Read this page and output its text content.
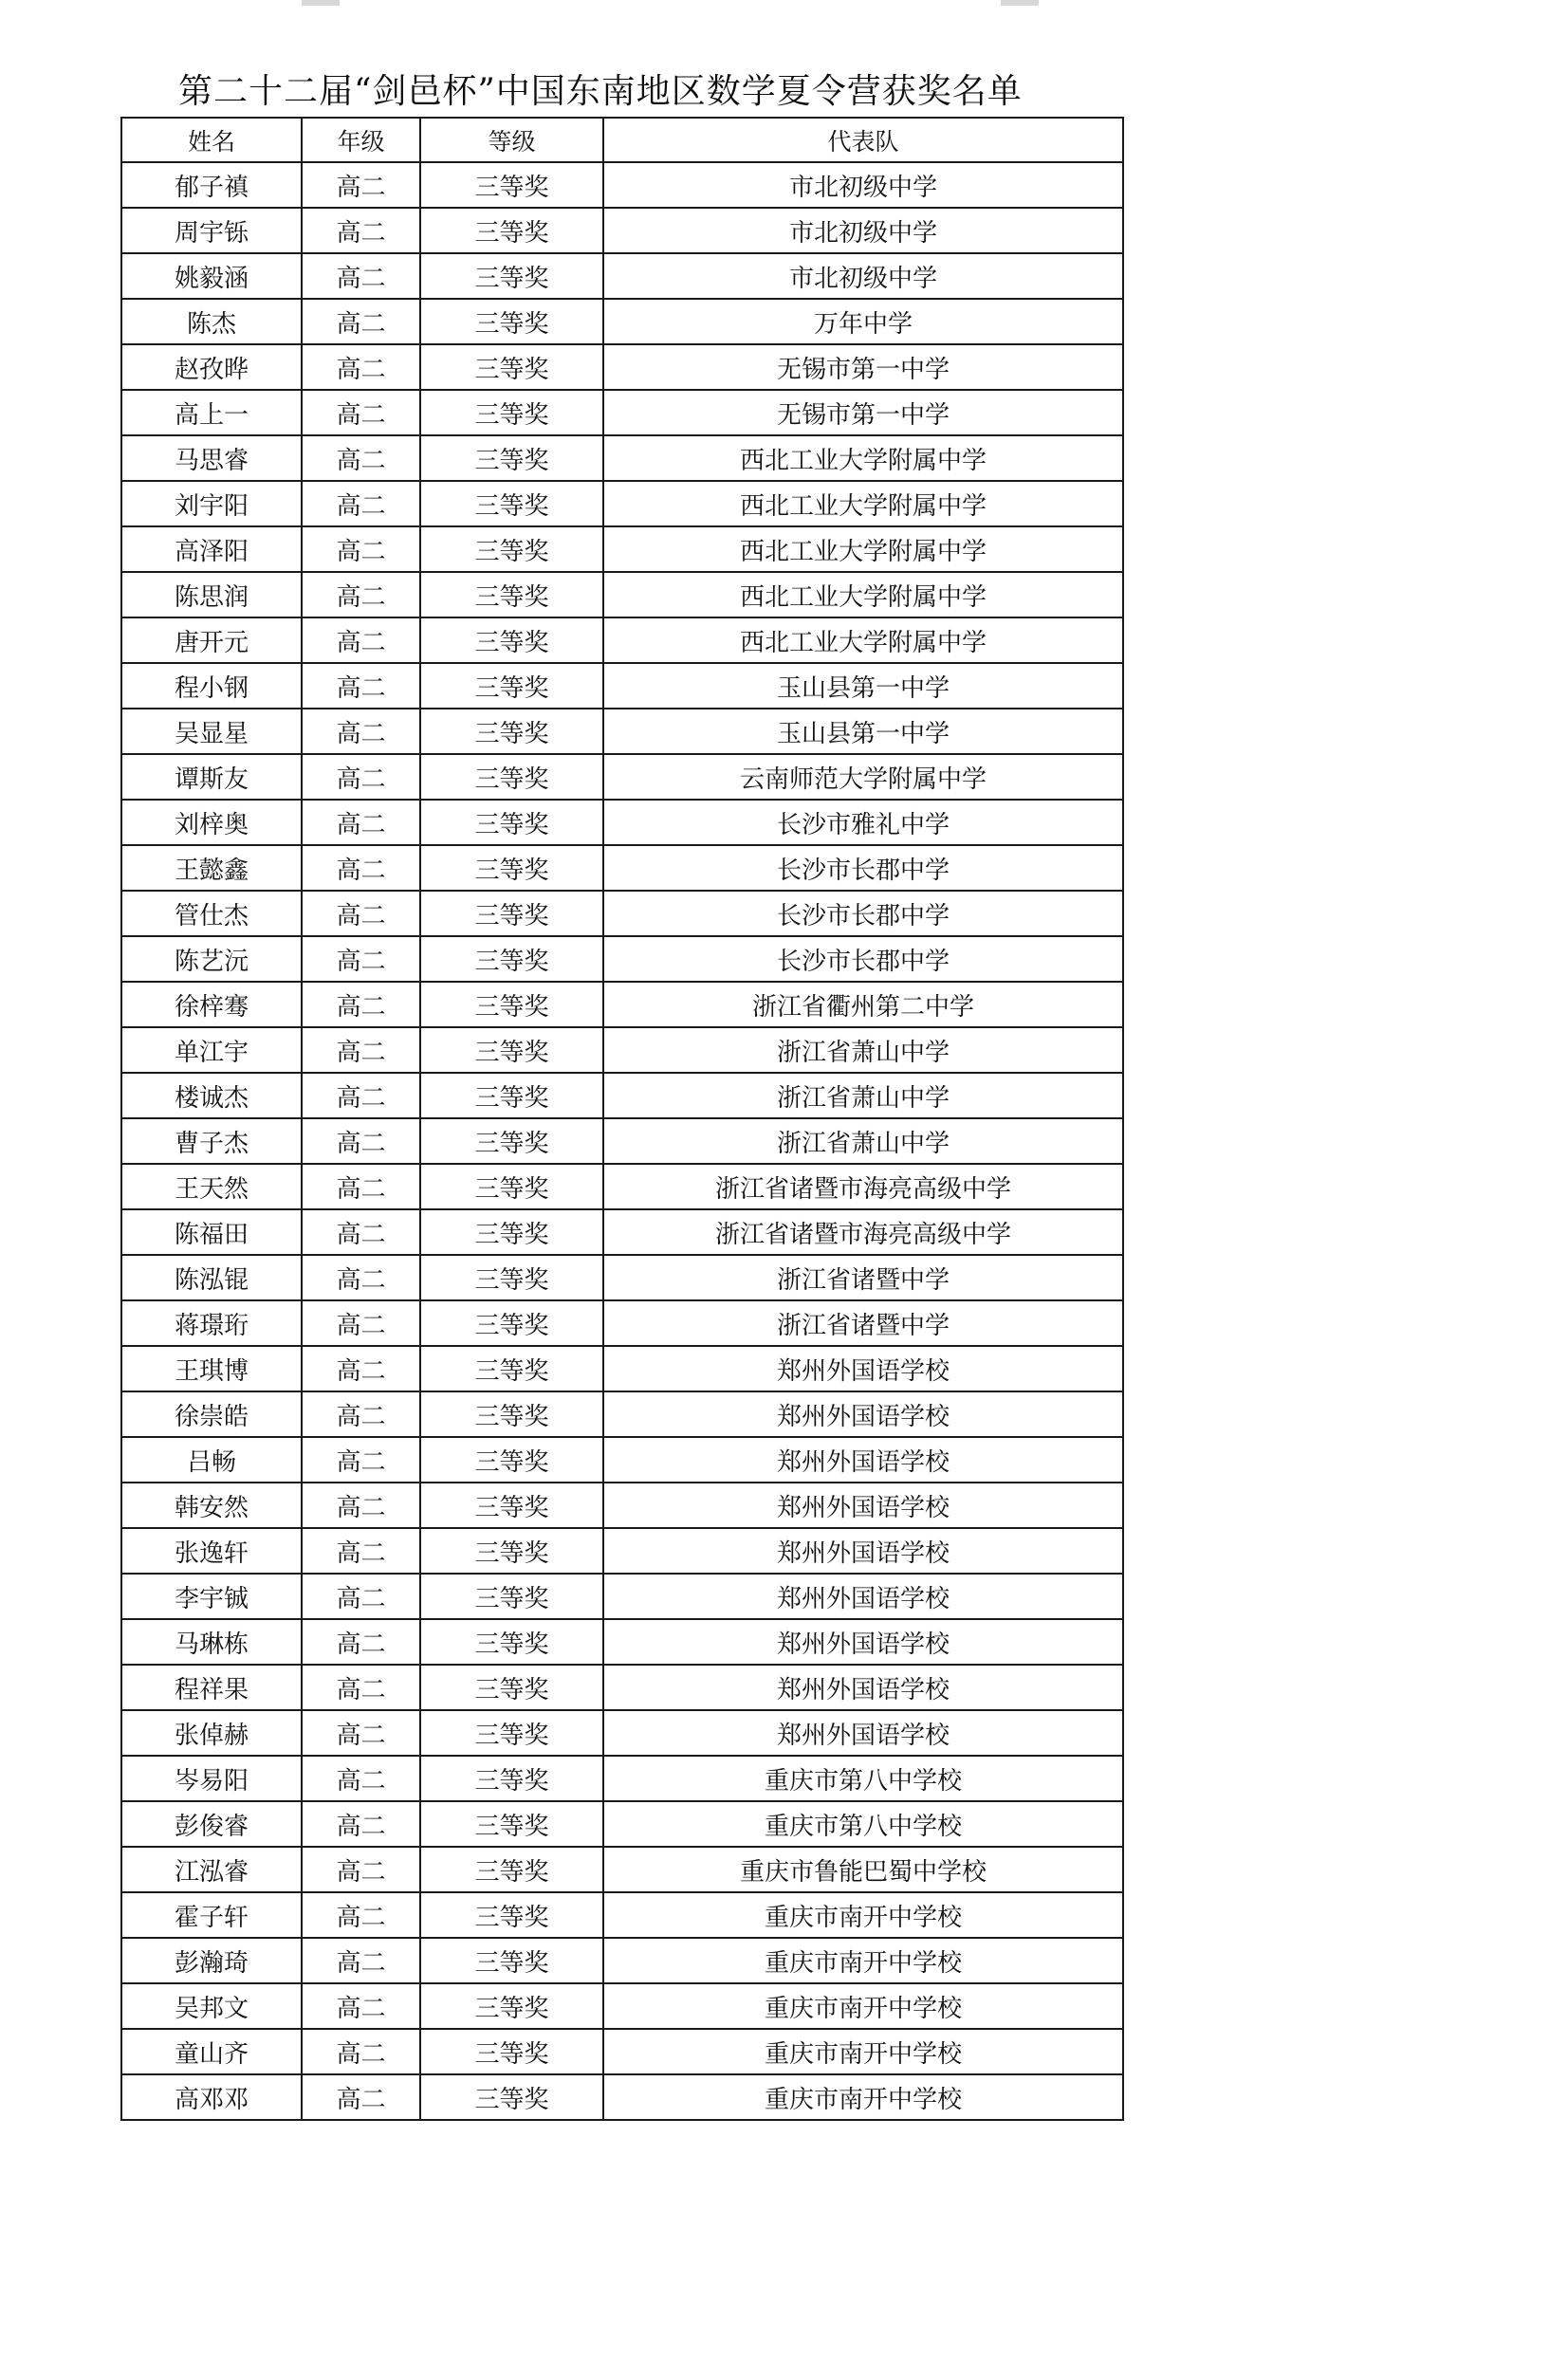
第二十二届“剑邑杯”中国东南地区数学夏令营获奖名单
姓名	年级	等级	代表队
郁子禛	高二	三等奖	市北初级中学
周宇铄	高二	三等奖	市北初级中学
姚毅涵	高二	三等奖	市北初级中学
陈杰	高二	三等奖	万年中学
赵孜晔	高二	三等奖	无锡市第一中学
高上一	高二	三等奖	无锡市第一中学
马思睿	高二	三等奖	西北工业大学附属中学
刘宇阳	高二	三等奖	西北工业大学附属中学
高泽阳	高二	三等奖	西北工业大学附属中学
陈思润	高二	三等奖	西北工业大学附属中学
唐开元	高二	三等奖	西北工业大学附属中学
程小钢	高二	三等奖	玉山县第一中学
吴显星	高二	三等奖	玉山县第一中学
谭斯友	高二	三等奖	云南师范大学附属中学
刘梓奥	高二	三等奖	长沙市雅礼中学
王懿鑫	高二	三等奖	长沙市长郡中学
管仕杰	高二	三等奖	长沙市长郡中学
陈艺沅	高二	三等奖	长沙市长郡中学
徐梓骞	高二	三等奖	浙江省衢州第二中学
单江宇	高二	三等奖	浙江省萧山中学
楼诚杰	高二	三等奖	浙江省萧山中学
曹子杰	高二	三等奖	浙江省萧山中学
王天然	高二	三等奖	浙江省诸暨市海亮高级中学
陈福田	高二	三等奖	浙江省诸暨市海亮高级中学
陈泓锟	高二	三等奖	浙江省诸暨中学
蒋璟珩	高二	三等奖	浙江省诸暨中学
王琪博	高二	三等奖	郑州外国语学校
徐崇皓	高二	三等奖	郑州外国语学校
吕畅	高二	三等奖	郑州外国语学校
韩安然	高二	三等奖	郑州外国语学校
张逸轩	高二	三等奖	郑州外国语学校
李宇铖	高二	三等奖	郑州外国语学校
马琳栋	高二	三等奖	郑州外国语学校
程祥果	高二	三等奖	郑州外国语学校
张倬赫	高二	三等奖	郑州外国语学校
岑易阳	高二	三等奖	重庆市第八中学校
彭俊睿	高二	三等奖	重庆市第八中学校
江泓睿	高二	三等奖	重庆市鲁能巴蜀中学校
霍子轩	高二	三等奖	重庆市南开中学校
彭瀚琦	高二	三等奖	重庆市南开中学校
吴邦文	高二	三等奖	重庆市南开中学校
童山齐	高二	三等奖	重庆市南开中学校
高邓邓	高二	三等奖	重庆市南开中学校
